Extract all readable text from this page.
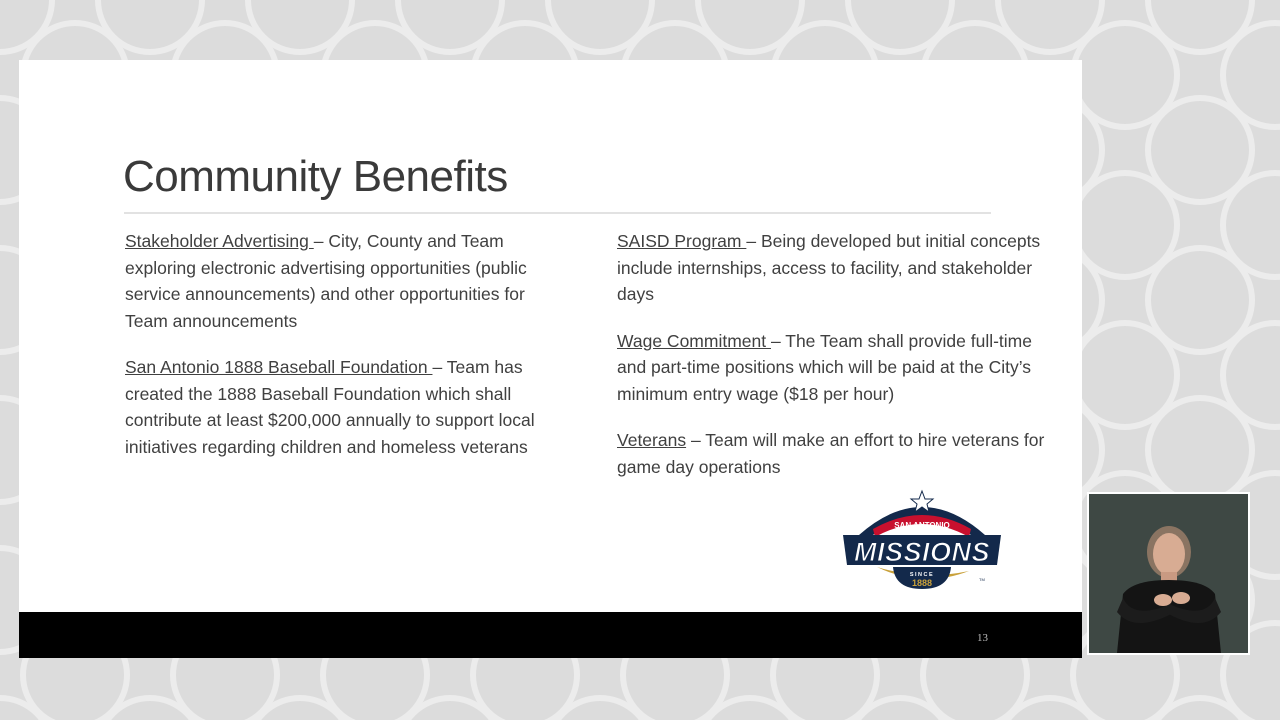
Community Benefits

Stakeholder Advertising – City, County and Team exploring electronic advertising opportunities (public service announcements) and other opportunities for Team announcements

San Antonio 1888 Baseball Foundation – Team has created the 1888 Baseball Foundation which shall contribute at least $200,000 annually to support local initiatives regarding children and homeless veterans

SAISD Program – Being developed but initial concepts include internships, access to facility, and stakeholder days

Wage Commitment – The Team shall provide full-time and part-time positions which will be paid at the City’s minimum entry wage ($18 per hour)

Veterans – Team will make an effort to hire veterans for game day operations

SAN ANTONIO
MISSIONS
SINCE
1888	TM
13
